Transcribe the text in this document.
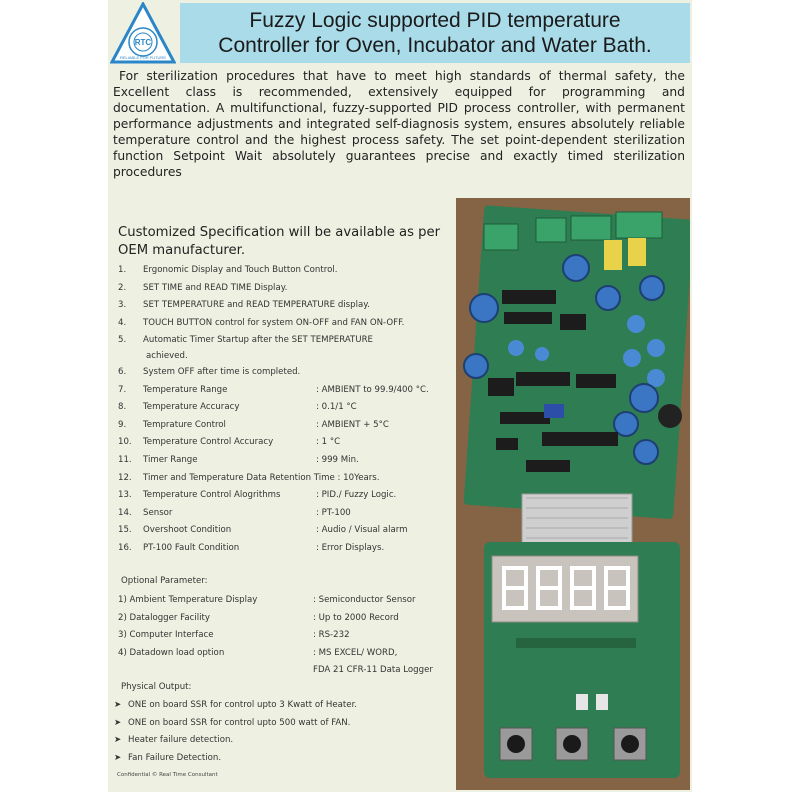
RTC
RELIABLE FOR FUTURE
Fuzzy Logic supported PID temperature
Controller for Oven, Incubator and Water Bath.
For sterilization procedures that have to meet high standards of thermal safety, the Excellent class is recommended, extensively equipped for programming and documentation. A multifunctional, fuzzy-supported PID process controller, with permanent performance adjustments and integrated self-diagnosis system, ensures absolutely reliable temperature control and the highest process safety. The set point-dependent sterilization function Setpoint Wait absolutely guarantees precise and exactly timed sterilization procedures
Customized Specification will be available as per OEM manufacturer.
1.	Ergonomic Display and Touch Button Control.
2.	SET TIME and READ TIME Display.
3.	SET TEMPERATURE and READ TEMPERATURE display.
4.	TOUCH BUTTON control for system ON-OFF and FAN ON-OFF.
5.	Automatic Timer Startup after the SET TEMPERATURE
achieved.
6.	System OFF after time is completed.
7.	Temperature Range	: AMBIENT to 99.9/400 °C.
8.	Temperature Accuracy	: 0.1/1 °C
9.	Temprature Control	: AMBIENT + 5°C
10.	Temperature Control Accuracy	: 1 °C
11.	Timer Range	: 999 Min.
12.	Timer and Temperature Data Retention Time : 10Years.
13.	Temperature Control Alogrithms	: PID./ Fuzzy Logic.
14.	Sensor	: PT-100
15.	Overshoot Condition	: Audio / Visual alarm
16.	PT-100 Fault Condition	: Error Displays.
Optional Parameter:
1) Ambient Temperature Display	: Semiconductor Sensor
2) Datalogger Facility	: Up to 2000 Record
3) Computer Interface	: RS-232
4) Datadown load option	: MS EXCEL/ WORD,
FDA 21 CFR-11 Data Logger
Physical Output:
➤ ONE on board SSR for control upto 3 Kwatt of Heater.
➤ ONE on board SSR for control upto 500 watt of FAN.
➤ Heater failure detection.
➤ Fan Failure Detection.
Confidential © Real Time Consultant
